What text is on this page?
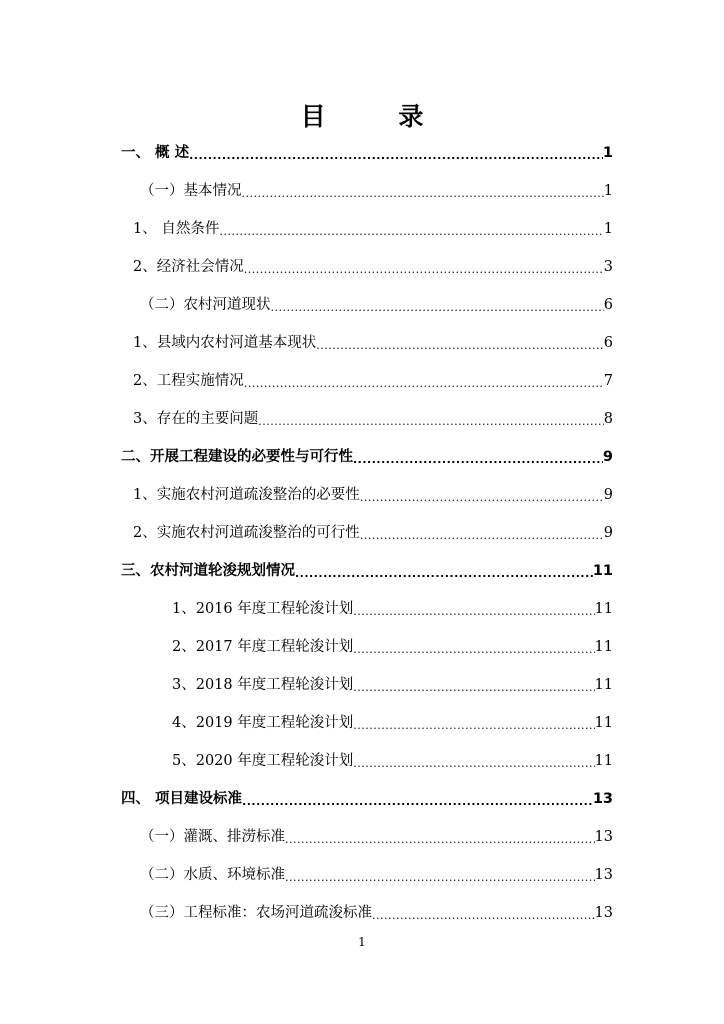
目 录
一、 概 述 .....	1
（一）基本情况 .....	1
1、 自然条件 .....	1
2、经济社会情况 .....	3
（二）农村河道现状 .....	6
1、县域内农村河道基本现状 .....	6
2、工程实施情况 .....	7
3、存在的主要问题 .....	8
二、开展工程建设的必要性与可行性 .....	9
1、实施农村河道疏浚整治的必要性 .....	9
2、实施农村河道疏浚整治的可行性 .....	9
三、农村河道轮浚规划情况 .....	11
1、2016 年度工程轮浚计划 .....	11
2、2017 年度工程轮浚计划 .....	11
3、2018 年度工程轮浚计划 .....	11
4、2019 年度工程轮浚计划 .....	11
5、2020 年度工程轮浚计划 .....	11
四、 项目建设标准 .....	13
（一）灌溉、排涝标准 .....	13
（二）水质、环境标准 .....	13
（三）工程标准：农场河道疏浚标准 .....	13
1
